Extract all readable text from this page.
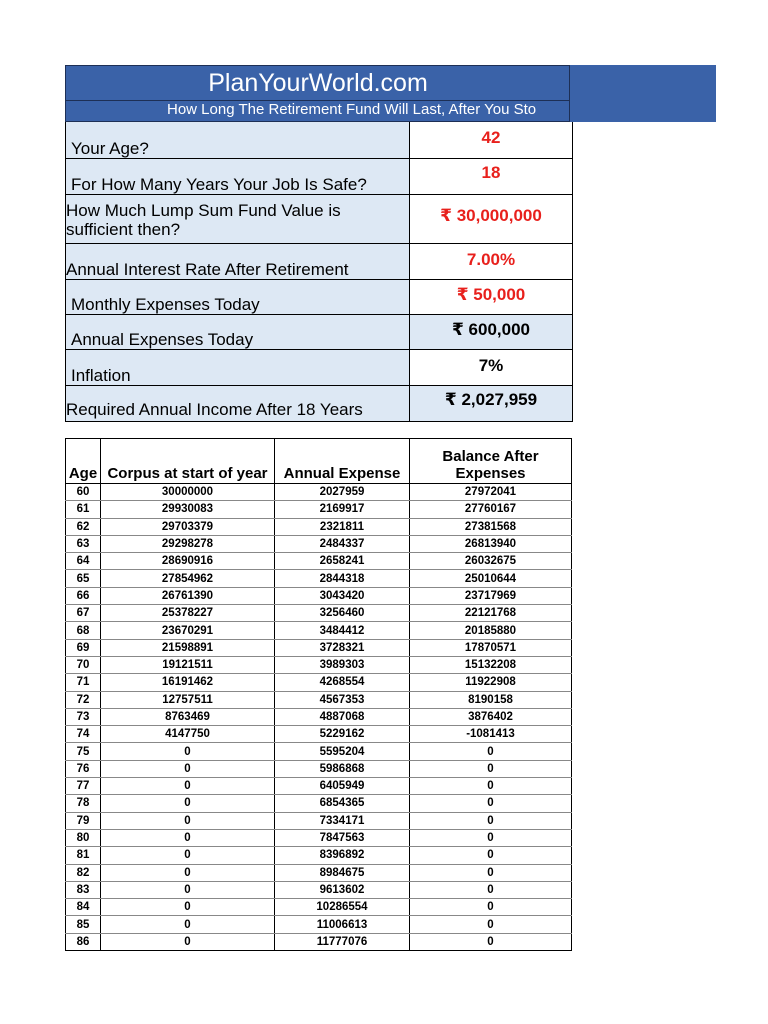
PlanYourWorld.com
How Long The Retirement Fund Will Last, After You Sto
Your Age?
42
For How Many Years Your Job Is Safe?
18
How Much Lump Sum Fund Value is sufficient then?
₹ 30,000,000
Annual Interest Rate After Retirement
7.00%
Monthly Expenses Today
₹ 50,000
Annual Expenses Today
₹ 600,000
Inflation
7%
Required Annual Income After 18 Years
₹ 2,027,959
Age	Corpus at start of year	Annual Expense	Balance After Expenses
60	30000000	2027959	27972041
61	29930083	2169917	27760167
62	29703379	2321811	27381568
63	29298278	2484337	26813940
64	28690916	2658241	26032675
65	27854962	2844318	25010644
66	26761390	3043420	23717969
67	25378227	3256460	22121768
68	23670291	3484412	20185880
69	21598891	3728321	17870571
70	19121511	3989303	15132208
71	16191462	4268554	11922908
72	12757511	4567353	8190158
73	8763469	4887068	3876402
74	4147750	5229162	-1081413
75	0	5595204	0
76	0	5986868	0
77	0	6405949	0
78	0	6854365	0
79	0	7334171	0
80	0	7847563	0
81	0	8396892	0
82	0	8984675	0
83	0	9613602	0
84	0	10286554	0
85	0	11006613	0
86	0	11777076	0
